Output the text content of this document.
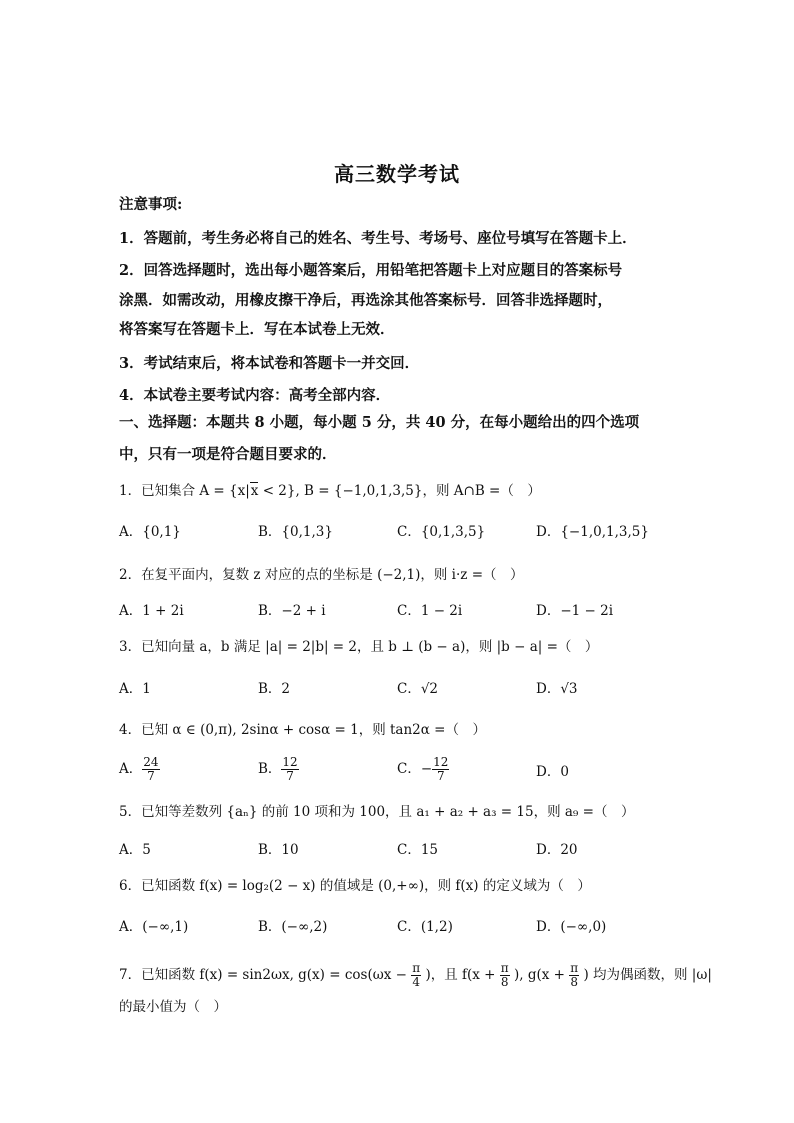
高三数学考试
注意事项:
1．答题前，考生务必将自己的姓名、考生号、考场号、座位号填写在答题卡上．
2．回答选择题时，选出每小题答案后，用铅笔把答题卡上对应题目的答案标号
涂黑．如需改动，用橡皮擦干净后，再选涂其他答案标号．回答非选择题时，
将答案写在答题卡上．写在本试卷上无效．
3．考试结束后，将本试卷和答题卡一并交回．
4．本试卷主要考试内容：高考全部内容．
一、选择题：本题共 8 小题，每小题 5 分，共 40 分，在每小题给出的四个选项
中，只有一项是符合题目要求的．
1．已知集合 A = {x|x < 2}, B = {−1,0,1,3,5}，则 A∩B =（　）
A．{0,1}	B．{0,1,3}	C．{0,1,3,5}	D．{−1,0,1,3,5}
2．在复平面内，复数 z 对应的点的坐标是 (−2,1)，则 i·z =（　）
A．1 + 2i	B．−2 + i	C．1 − 2i	D．−1 − 2i
3．已知向量 a，b 满足 |a| = 2|b| = 2，且 b ⊥ (b − a)，则 |b − a| =（　）
A．1	B．2	C．√2	D．√3
4．已知 α ∈ (0,π), 2sinα + cosα = 1，则 tan2α =（　）
A． $\frac{24}{7}$	B． $\frac{12}{7}$	C．− $\frac{12}{7}$	D．0
5．已知等差数列 {aₙ} 的前 10 项和为 100，且 a₁ + a₂ + a₃ = 15，则 a₉ =（　）
A．5	B．10	C．15	D．20
6．已知函数 f(x) = log₂(2 − x) 的值域是 (0,+∞)，则 f(x) 的定义域为（　）
A．(−∞,1)	B．(−∞,2)	C．(1,2)	D．(−∞,0)
7．已知函数 f(x) = sin2ωx, $g(x) = \cos(\omega x - \frac{\pi}{4}$ )，且 $f(x + \frac{\pi}{8}$ ), $g(x + \frac{\pi}{8}$ ) 均为偶函数，则 |ω|
的最小值为（　）
